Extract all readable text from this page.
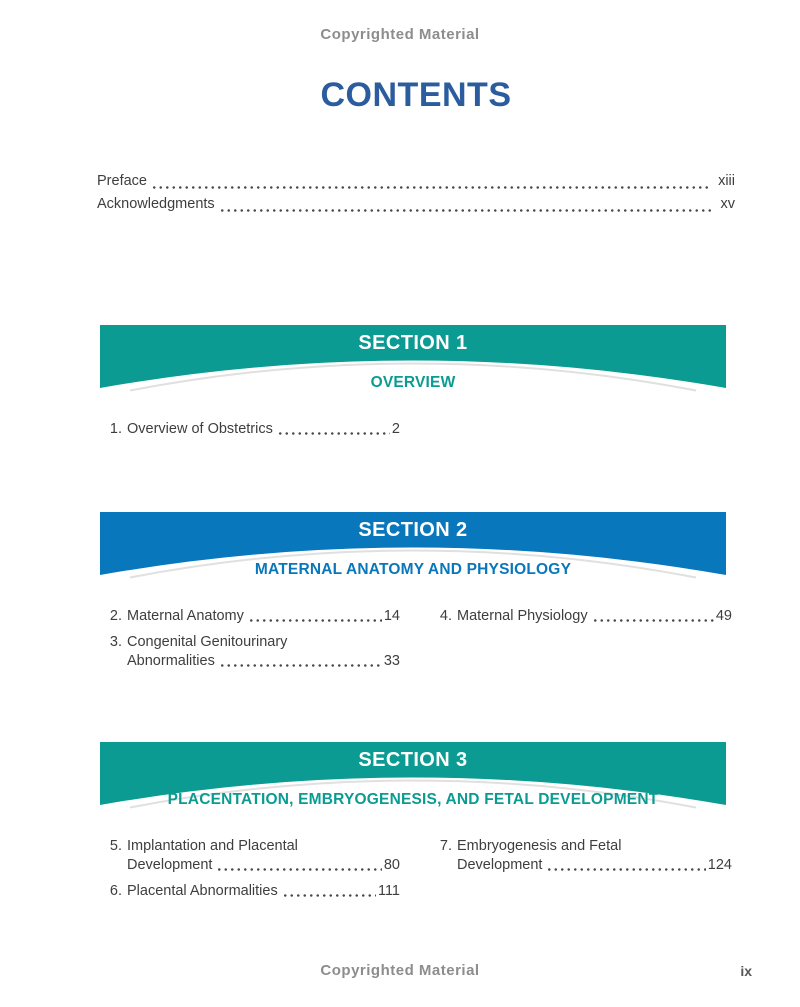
Copyrighted Material
CONTENTS
Preface	xiii
Acknowledgments	xv
SECTION 1
OVERVIEW
1. Overview of Obstetrics	2
SECTION 2
MATERNAL ANATOMY AND PHYSIOLOGY
2. Maternal Anatomy	14
3. Congenital Genitourinary
Abnormalities	33
4. Maternal Physiology	49
SECTION 3
PLACENTATION, EMBRYOGENESIS, AND FETAL DEVELOPMENT
5. Implantation and Placental
Development	80
6. Placental Abnormalities	111
7. Embryogenesis and Fetal
Development	124
Copyrighted Material	ix
